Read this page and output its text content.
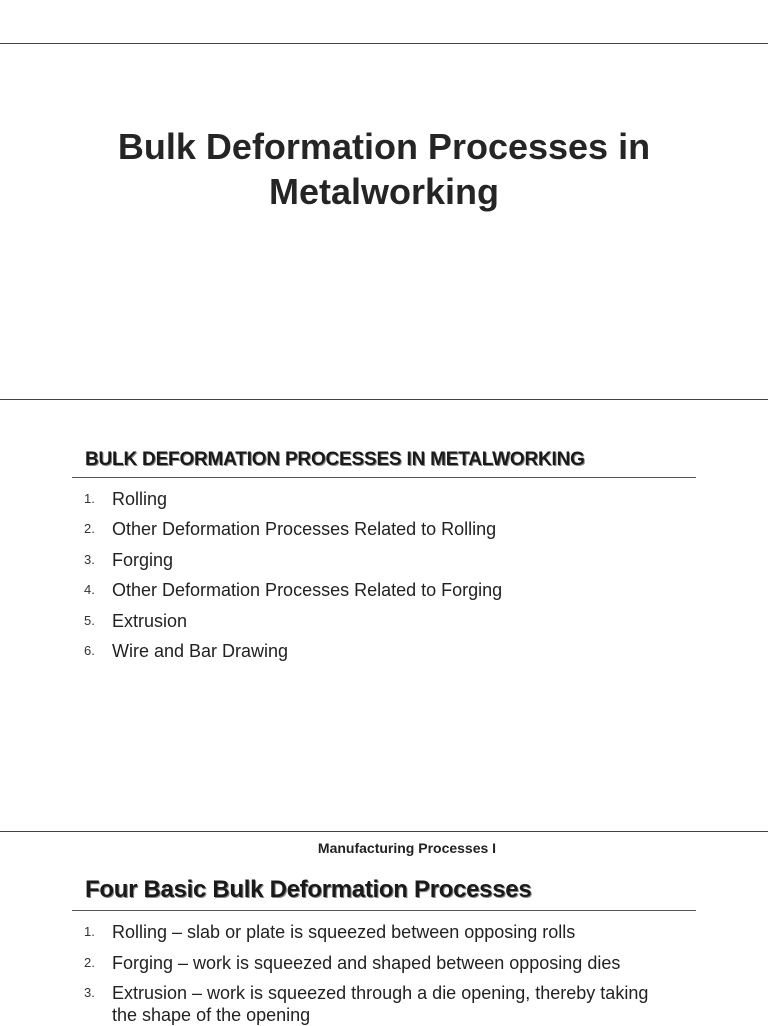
Bulk Deformation Processes in Metalworking
BULK DEFORMATION PROCESSES IN METALWORKING
1. Rolling
2. Other Deformation Processes Related to Rolling
3. Forging
4. Other Deformation Processes Related to Forging
5. Extrusion
6. Wire and Bar Drawing
Manufacturing Processes I
Four Basic Bulk Deformation Processes
1. Rolling – slab or plate is squeezed between opposing rolls
2. Forging – work is squeezed and shaped between opposing dies
3. Extrusion – work is squeezed through a die opening, thereby taking the shape of the opening
